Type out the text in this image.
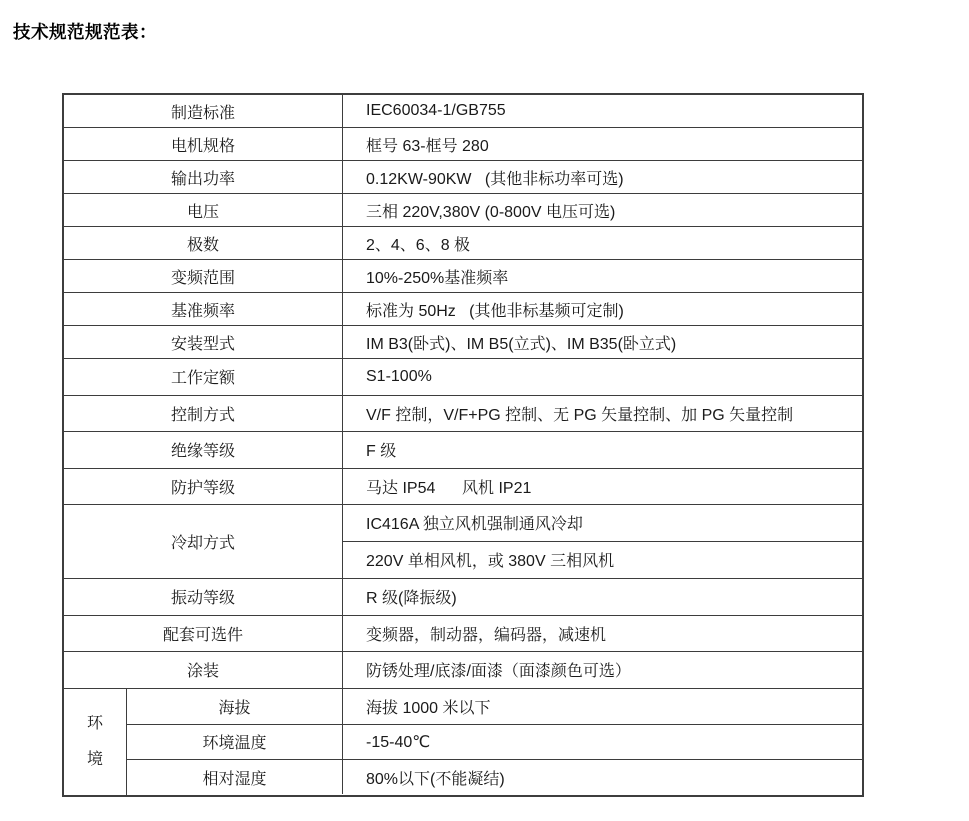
技术规范规范表：
制造标准	IEC60034-1/GB755
电机规格	框号 63-框号 280
输出功率	0.12KW-90KW   (其他非标功率可选)
电压	三相 220V,380V (0-800V 电压可选)
极数	2、4、6、8 极
变频范围	10%-250%基准频率
基准频率	标准为 50Hz   (其他非标基频可定制)
安装型式	IM B3(卧式)、IM B5(立式)、IM B35(卧立式)
工作定额	S1-100%
控制方式	V/F 控制，V/F+PG 控制、无 PG 矢量控制、加 PG 矢量控制
绝缘等级	F 级
防护等级	马达 IP54      风机 IP21
冷却方式
IC416A 独立风机强制通风冷却
220V 单相风机，或 380V 三相风机
振动等级	R 级(降振级)
配套可选件	变频器，制动器，编码器，减速机
涂装	防锈处理/底漆/面漆（面漆颜色可选）
环境
海拔	海拔 1000 米以下
环境温度	-15-40℃
相对湿度	80%以下(不能凝结)
